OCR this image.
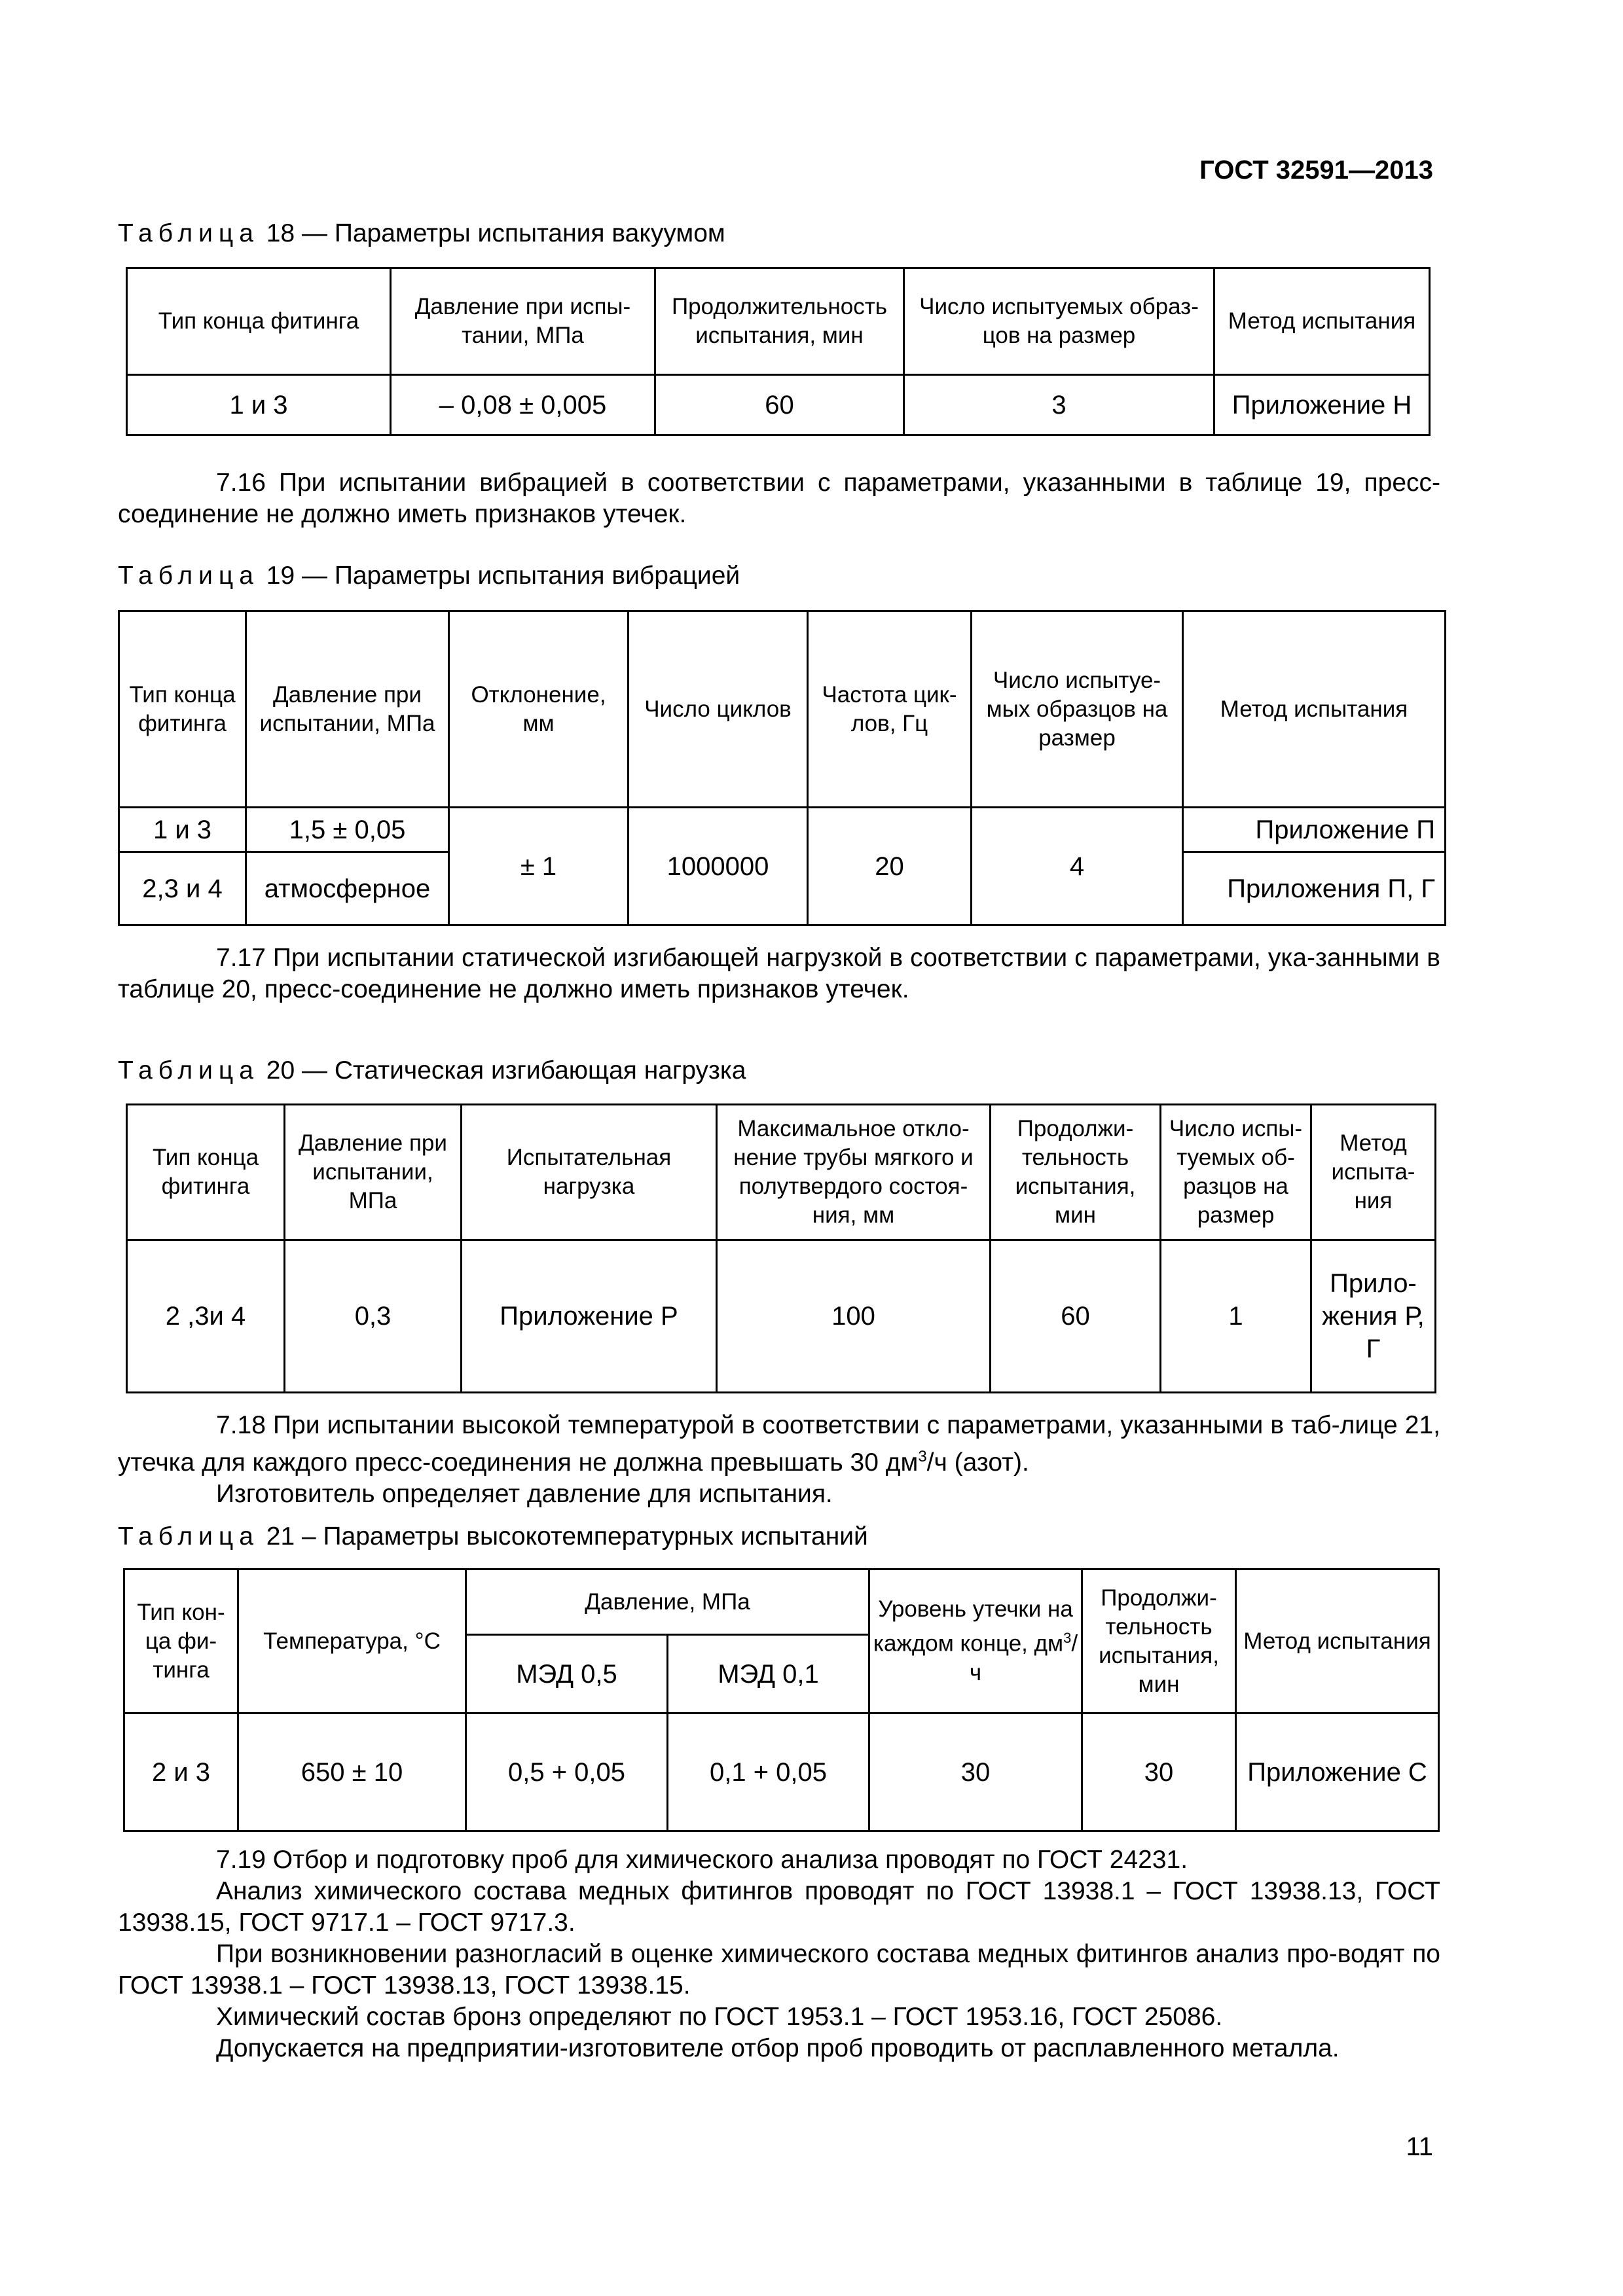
ГОСТ 32591—2013
Таблица 18 — Параметры испытания вакуумом
Тип конца фитинга	Давление при испы-тании, МПа	Продолжительность испытания, мин	Число испытуемых образ-цов на размер	Метод испытания
1 и 3	– 0,08 ± 0,005	60	3	Приложение Н

7.16 При испытании вибрацией в соответствии с параметрами, указанными в таблице 19, пресс-соединение не должно иметь признаков утечек.

Таблица 19 — Параметры испытания вибрацией
Тип конца фитинга	Давление при испытании, МПа	Отклонение, мм	Число циклов	Частота цик-лов, Гц	Число испытуе-мых образцов на размер	Метод испытания
1 и 3	1,5 ± 0,05	± 1	1000000	20	4	Приложение П
2,3 и 4	атмосферное					Приложения П, Г

7.17 При испытании статической изгибающей нагрузкой в соответствии с параметрами, ука-занными в таблице 20, пресс-соединение не должно иметь признаков утечек.

Таблица 20 — Статическая изгибающая нагрузка
Тип конца фитинга	Давление при испытании, МПа	Испытательная нагрузка	Максимальное откло-нение трубы мягкого и полутвердого состоя-ния, мм	Продолжи-тельность испытания, мин	Число испы-туемых об-разцов на размер	Метод испыта-ния
2 ,3и 4	0,3	Приложение Р	100	60	1	Прило-жения Р, Г

7.18 При испытании высокой температурой в соответствии с параметрами, указанными в таб-лице 21, утечка для каждого пресс-соединения не должна превышать 30 $дм^3/ч$ (азот).

Изготовитель определяет давление для испытания.

Таблица 21 – Параметры высокотемпературных испытаний
Тип кон-ца фи-тинга	Температура, °С	Давление, МПа		Уровень утечки на каждом конце, $дм^3/ч$	Продолжи-тельность испытания, мин	Метод испытания
		МЭД 0,5	МЭД 0,1			
2 и 3	650 ± 10	0,5 + 0,05	0,1 + 0,05	30	30	Приложение С

7.19 Отбор и подготовку проб для химического анализа проводят по ГОСТ 24231.

Анализ химического состава медных фитингов проводят по ГОСТ 13938.1 – ГОСТ 13938.13, ГОСТ 13938.15, ГОСТ 9717.1 – ГОСТ 9717.3.

При возникновении разногласий в оценке химического состава медных фитингов анализ про-водят по ГОСТ 13938.1 – ГОСТ 13938.13, ГОСТ 13938.15.

Химический состав бронз определяют по ГОСТ 1953.1 – ГОСТ 1953.16, ГОСТ 25086.

Допускается на предприятии-изготовителе отбор проб проводить от расплавленного металла.

11
